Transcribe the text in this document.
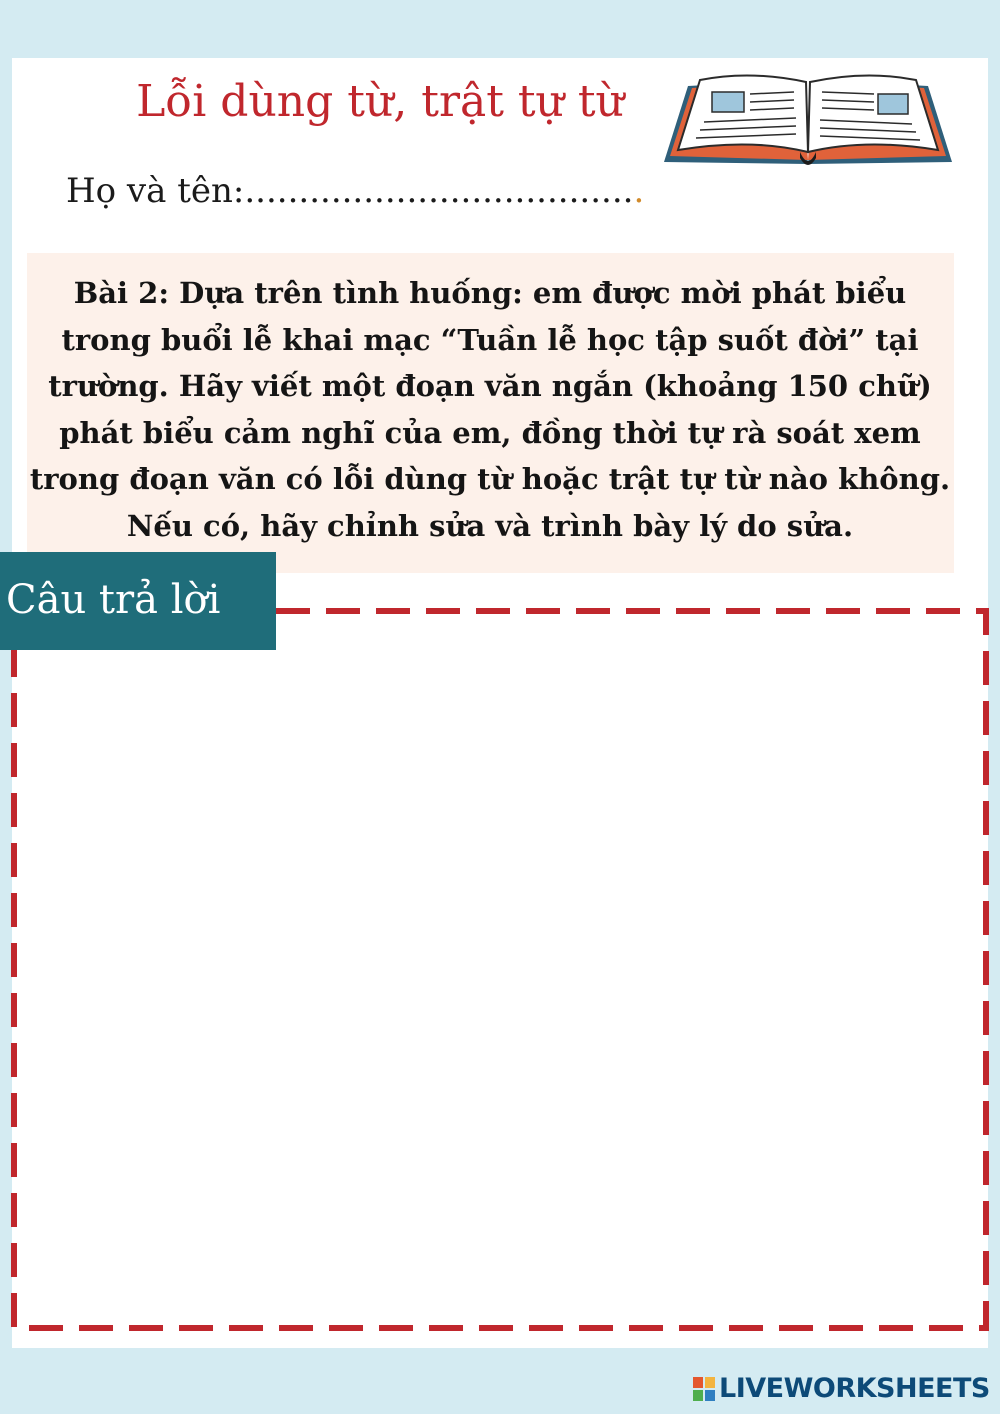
Lỗi dùng từ, trật tự từ
Họ và tên:.....................................

Bài 2: Dựa trên tình huống: em được mời phát biểu trong buổi lễ khai mạc “Tuần lễ học tập suốt đời” tại trường. Hãy viết một đoạn văn ngắn (khoảng 150 chữ) phát biểu cảm nghĩ của em, đồng thời tự rà soát xem trong đoạn văn có lỗi dùng từ hoặc trật tự từ nào không. Nếu có, hãy chỉnh sửa và trình bày lý do sửa.

Câu trả lời
LIVEWORKSHEETS
